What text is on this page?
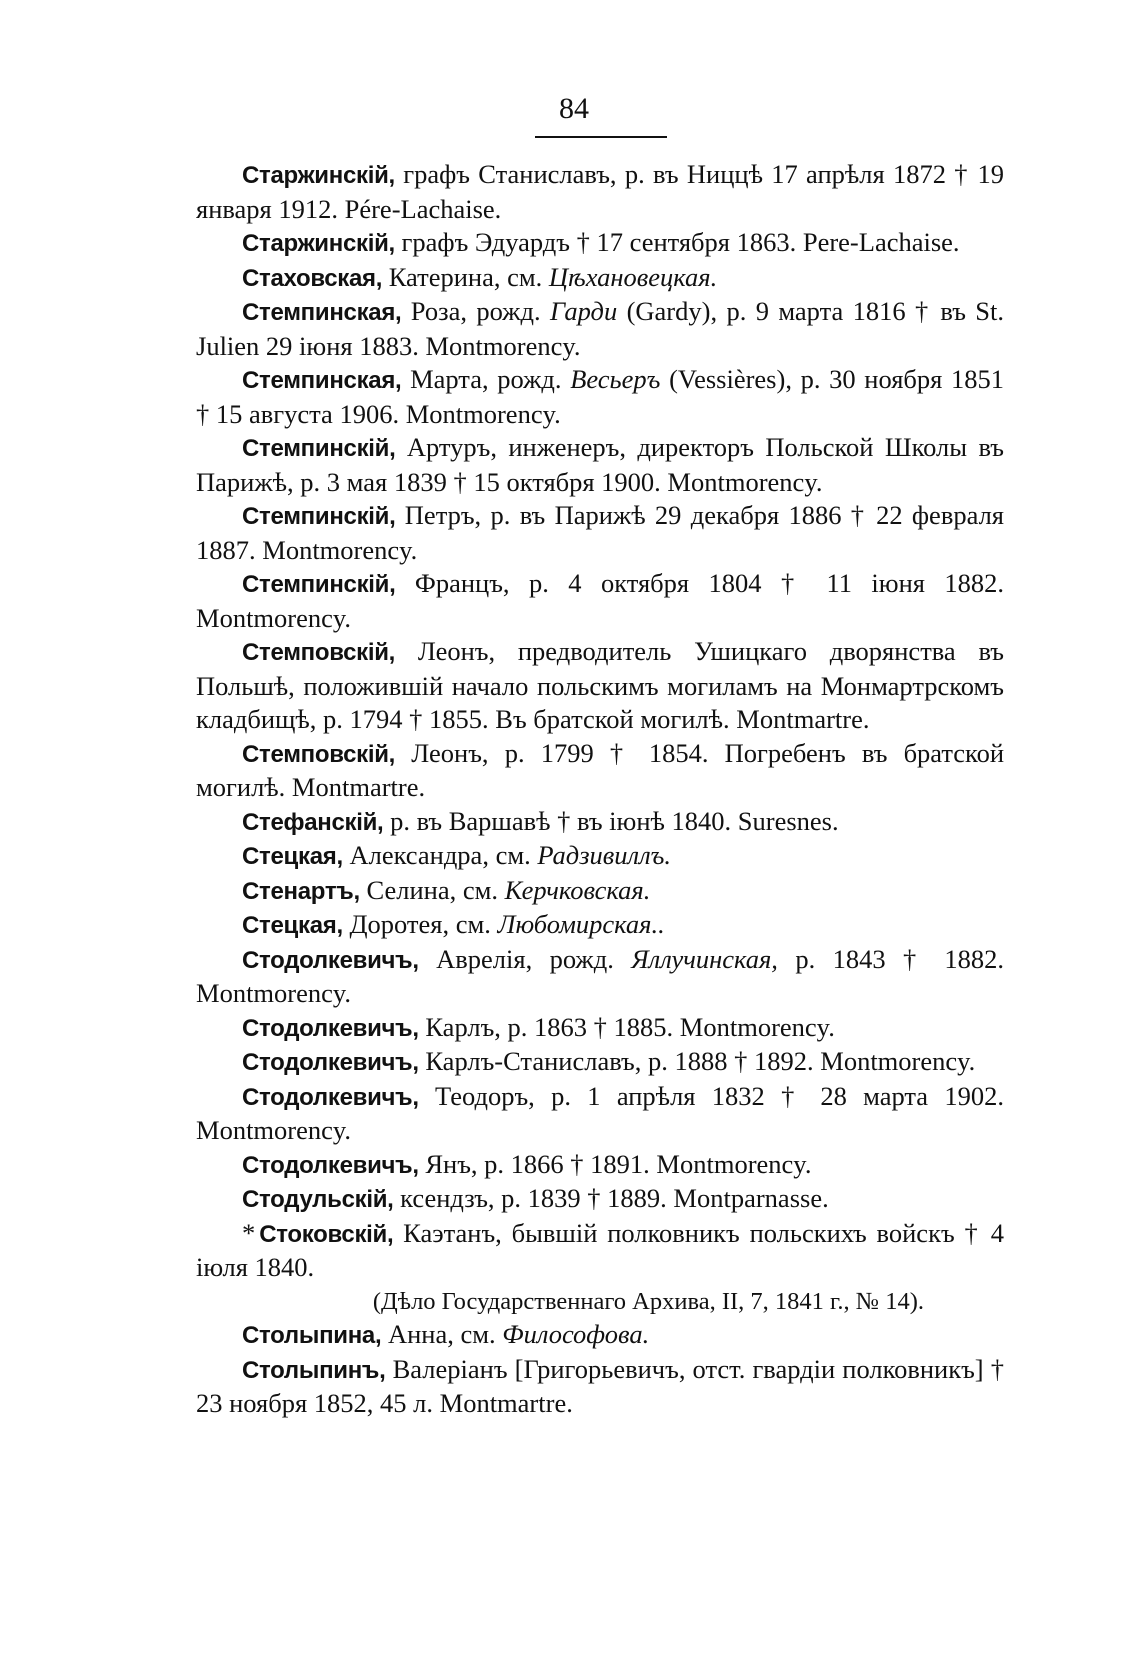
84

Старжинскій, графъ Станиславъ, р. въ Ниццѣ 17 апрѣля 1872 † 19 января 1912. Pére-Lachaise.

Старжинскій, графъ Эдуардъ † 17 сентября 1863. Pere-Lachaise.

Стаховская, Катерина, см. Цѣхановецкая.

Стемпинская, Роза, рожд. Гарди (Gardy), р. 9 марта 1816 † въ St. Julien 29 іюня 1883. Montmorency.

Стемпинская, Марта, рожд. Весьеръ (Vessières), р. 30 ноября 1851 † 15 августа 1906. Montmorency.

Стемпинскій, Артуръ, инженеръ, директоръ Польской Школы въ Парижѣ, р. 3 мая 1839 † 15 октября 1900. Montmorency.

Стемпинскій, Петръ, р. въ Парижѣ 29 декабря 1886 † 22 февраля 1887. Montmorency.

Стемпинскій, Францъ, р. 4 октября 1804 † 11 іюня 1882. Montmorency.

Стемповскій, Леонъ, предводитель Ушицкаго дворянства въ Польшѣ, положившій начало польскимъ могиламъ на Монмартрскомъ кладбищѣ, р. 1794 † 1855. Въ братской могилѣ. Montmartre.

Стемповскій, Леонъ, р. 1799 † 1854. Погребенъ въ братской могилѣ. Montmartre.

Стефанскій, р. въ Варшавѣ † въ іюнѣ 1840. Suresnes.

Стецкая, Александра, см. Радзивиллъ.

Стенартъ, Селина, см. Керчковская.

Стецкая, Доротея, см. Любомирская..

Стодолкевичъ, Аврелія, рожд. Яллучинская, р. 1843 † 1882. Montmorency.

Стодолкевичъ, Карлъ, р. 1863 † 1885. Montmorency.

Стодолкевичъ, Карлъ-Станиславъ, р. 1888 † 1892. Montmorency.

Стодолкевичъ, Теодоръ, р. 1 апрѣля 1832 † 28 марта 1902. Montmorency.

Стодолкевичъ, Янъ, р. 1866 † 1891. Montmorency.

Стодульскій, ксендзъ, р. 1839 † 1889. Montparnasse.

* Стоковскій, Каэтанъ, бывшій полковникъ польскихъ войскъ † 4 іюля 1840.

(Дѣло Государственнаго Архива, II, 7, 1841 г., № 14).

Столыпина, Анна, см. Философова.

Столыпинъ, Валеріанъ [Григорьевичъ, отст. гвардіи полковникъ] † 23 ноября 1852, 45 л. Montmartre.
